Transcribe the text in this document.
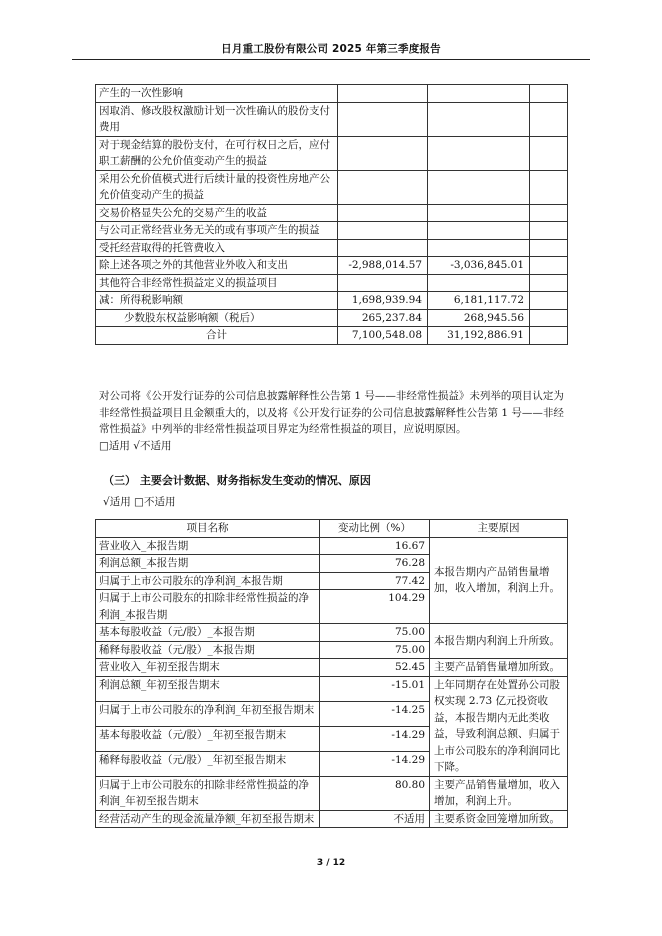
日月重工股份有限公司 2025 年第三季度报告
产生的一次性影响			
因取消、修改股权激励计划一次性确认的股份支付费用			
对于现金结算的股份支付，在可行权日之后，应付职工薪酬的公允价值变动产生的损益			
采用公允价值模式进行后续计量的投资性房地产公允价值变动产生的损益			
交易价格显失公允的交易产生的收益			
与公司正常经营业务无关的或有事项产生的损益			
受托经营取得的托管费收入			
除上述各项之外的其他营业外收入和支出	-2,988,014.57	-3,036,845.01	
其他符合非经常性损益定义的损益项目			
减：所得税影响额	1,698,939.94	6,181,117.72	
少数股东权益影响额（税后）	265,237.84	268,945.56	
合计	7,100,548.08	31,192,886.91	
对公司将《公开发行证券的公司信息披露解释性公告第 1 号——非经常性损益》未列举的项目认定为非经常性损益项目且金额重大的，以及将《公开发行证券的公司信息披露解释性公告第 1 号——非经常性损益》中列举的非经常性损益项目界定为经常性损益的项目，应说明原因。
□适用 √不适用
（三） 主要会计数据、财务指标发生变动的情况、原因
√适用 □不适用
项目名称	变动比例（%）	主要原因
营业收入_本报告期	16.67	本报告期内产品销售量增加，收入增加，利润上升。
利润总额_本报告期	76.28	
归属于上市公司股东的净利润_本报告期	77.42	
归属于上市公司股东的扣除非经常性损益的净利润_本报告期	104.29	
基本每股收益（元/股）_本报告期	75.00	本报告期内利润上升所致。
稀释每股收益（元/股）_本报告期	75.00	
营业收入_年初至报告期末	52.45	主要产品销售量增加所致。
利润总额_年初至报告期末	-15.01	上年同期存在处置孙公司股权实现 2.73 亿元投资收益，本报告期内无此类收益，导致利润总额、归属于上市公司股东的净利润同比下降。
归属于上市公司股东的净利润_年初至报告期末	-14.25	
基本每股收益（元/股）_年初至报告期末	-14.29	
稀释每股收益（元/股）_年初至报告期末	-14.29	
归属于上市公司股东的扣除非经常性损益的净利润_年初至报告期末	80.80	主要产品销售量增加，收入增加，利润上升。
经营活动产生的现金流量净额_年初至报告期末	不适用	主要系资金回笼增加所致。
3 / 12
